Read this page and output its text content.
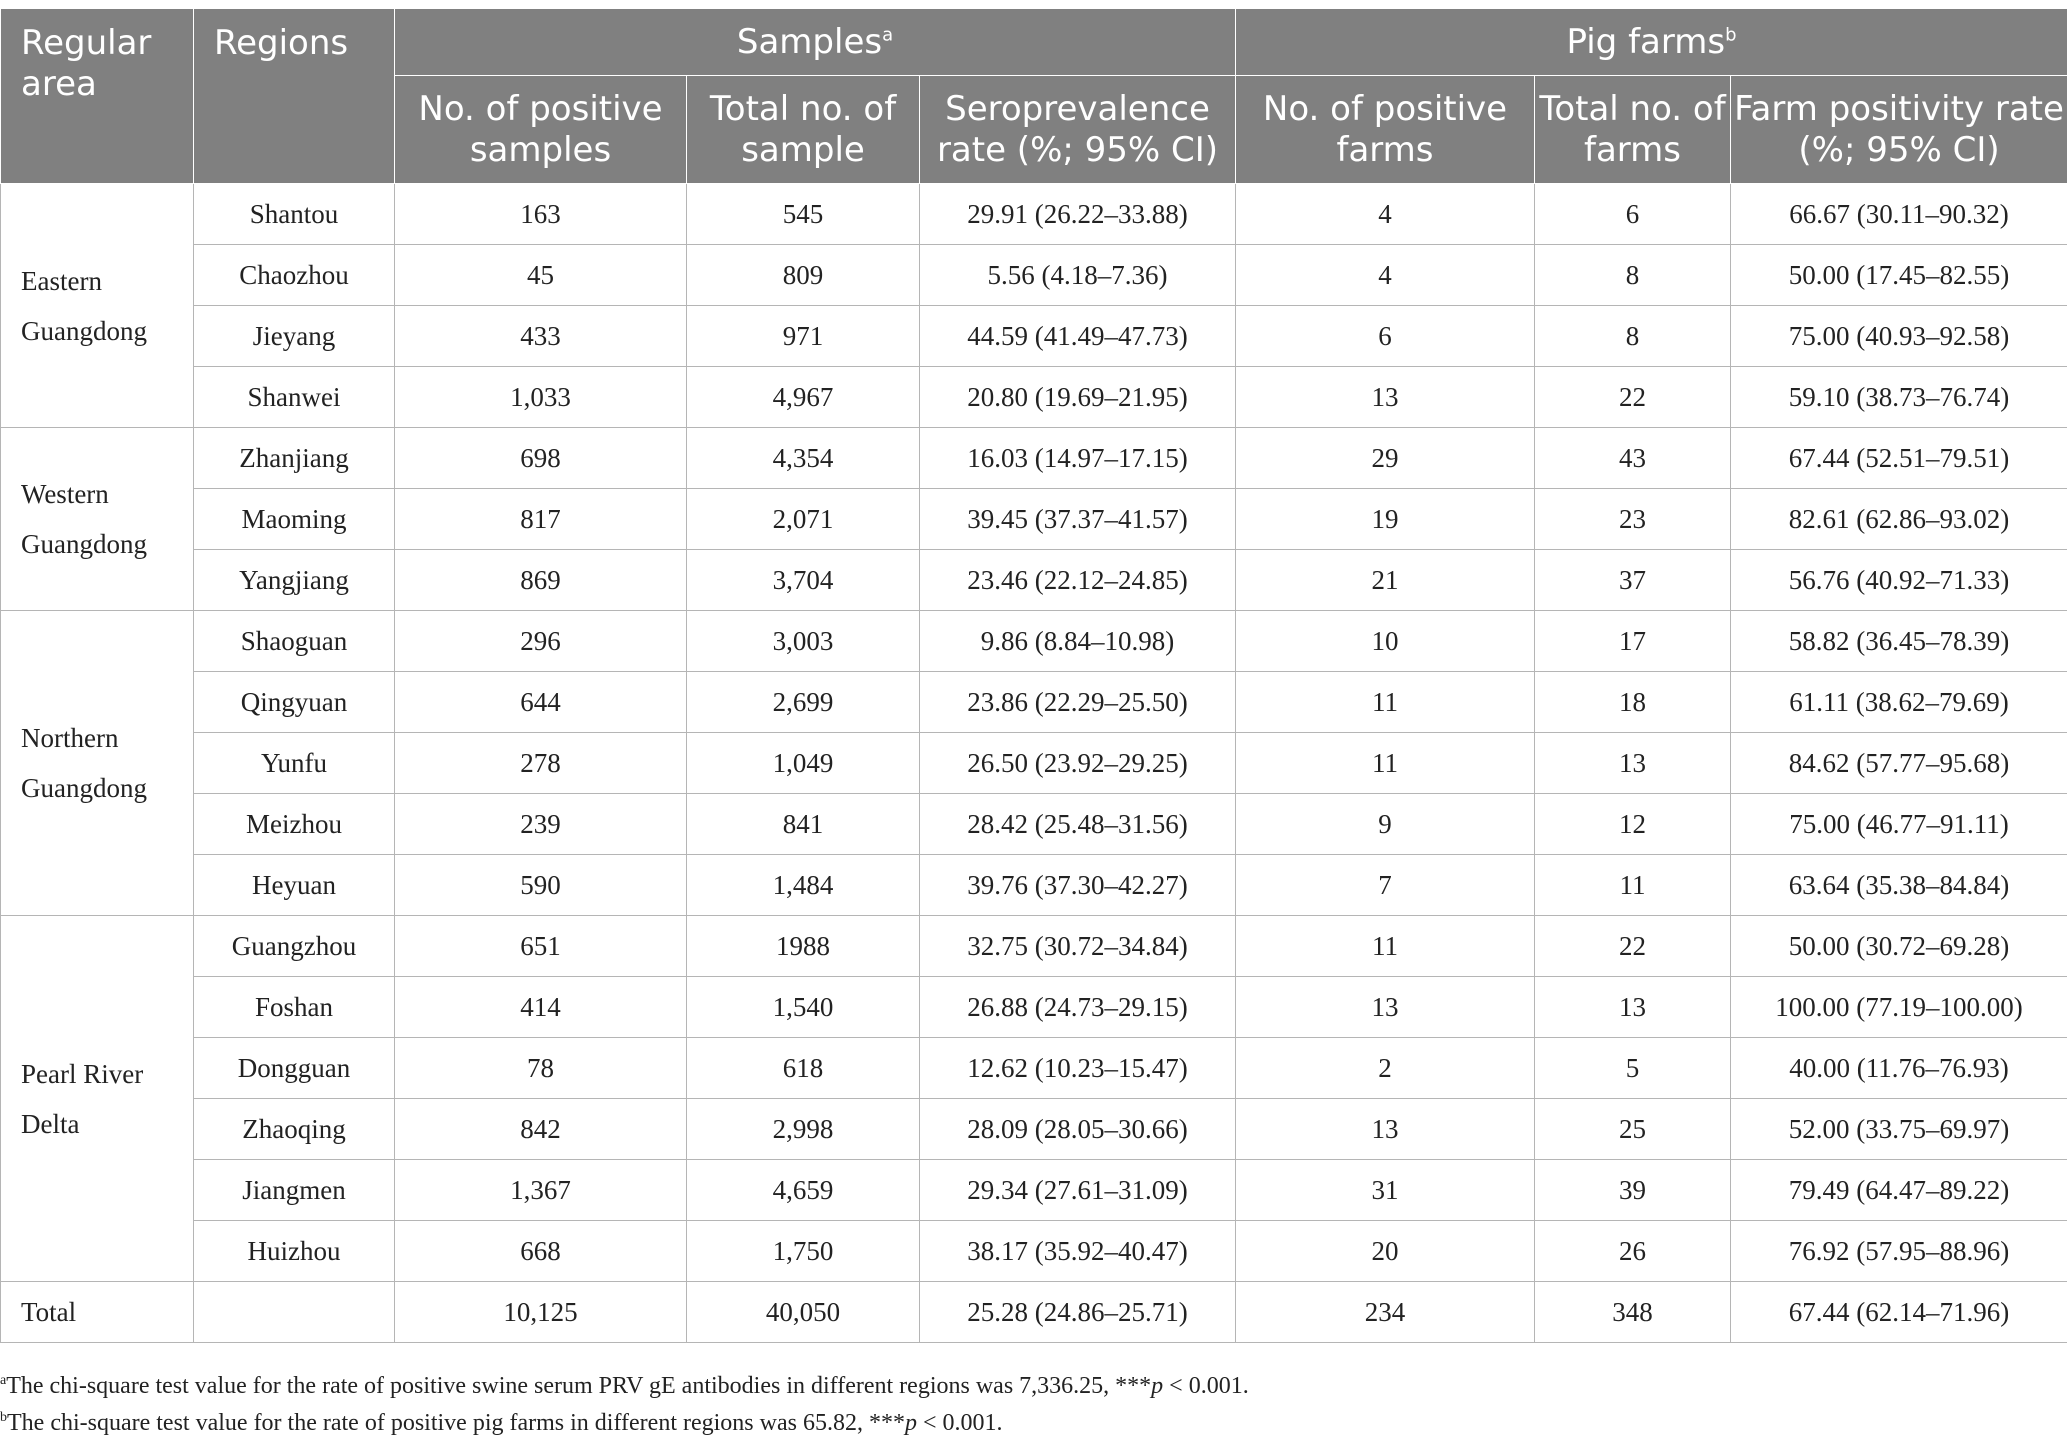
Regular area	Regions	Samples$^a$			Pig farms$^b$
		No. of positive samples	Total no. of sample	Seroprevalence rate (%; 95% CI)	No. of positive farms	Total no. of farms	Farm positivity rate (%; 95% CI)
Eastern Guangdong	Shantou	163	545	29.91 (26.22–33.88)	4	6	66.67 (30.11–90.32)
	Chaozhou	45	809	5.56 (4.18–7.36)	4	8	50.00 (17.45–82.55)
	Jieyang	433	971	44.59 (41.49–47.73)	6	8	75.00 (40.93–92.58)
	Shanwei	1,033	4,967	20.80 (19.69–21.95)	13	22	59.10 (38.73–76.74)
Western Guangdong	Zhanjiang	698	4,354	16.03 (14.97–17.15)	29	43	67.44 (52.51–79.51)
	Maoming	817	2,071	39.45 (37.37–41.57)	19	23	82.61 (62.86–93.02)
	Yangjiang	869	3,704	23.46 (22.12–24.85)	21	37	56.76 (40.92–71.33)
Northern Guangdong	Shaoguan	296	3,003	9.86 (8.84–10.98)	10	17	58.82 (36.45–78.39)
	Qingyuan	644	2,699	23.86 (22.29–25.50)	11	18	61.11 (38.62–79.69)
	Yunfu	278	1,049	26.50 (23.92–29.25)	11	13	84.62 (57.77–95.68)
	Meizhou	239	841	28.42 (25.48–31.56)	9	12	75.00 (46.77–91.11)
	Heyuan	590	1,484	39.76 (37.30–42.27)	7	11	63.64 (35.38–84.84)
Pearl River Delta	Guangzhou	651	1988	32.75 (30.72–34.84)	11	22	50.00 (30.72–69.28)
	Foshan	414	1,540	26.88 (24.73–29.15)	13	13	100.00 (77.19–100.00)
	Dongguan	78	618	12.62 (10.23–15.47)	2	5	40.00 (11.76–76.93)
	Zhaoqing	842	2,998	28.09 (28.05–30.66)	13	25	52.00 (33.75–69.97)
	Jiangmen	1,367	4,659	29.34 (27.61–31.09)	31	39	79.49 (64.47–89.22)
	Huizhou	668	1,750	38.17 (35.92–40.47)	20	26	76.92 (57.95–88.96)
Total		10,125	40,050	25.28 (24.86–25.71)	234	348	67.44 (62.14–71.96)
$^a$The chi-square test value for the rate of positive swine serum PRV gE antibodies in different regions was 7,336.25, ***p < 0.001.
$^b$The chi-square test value for the rate of positive pig farms in different regions was 65.82, ***p < 0.001.
